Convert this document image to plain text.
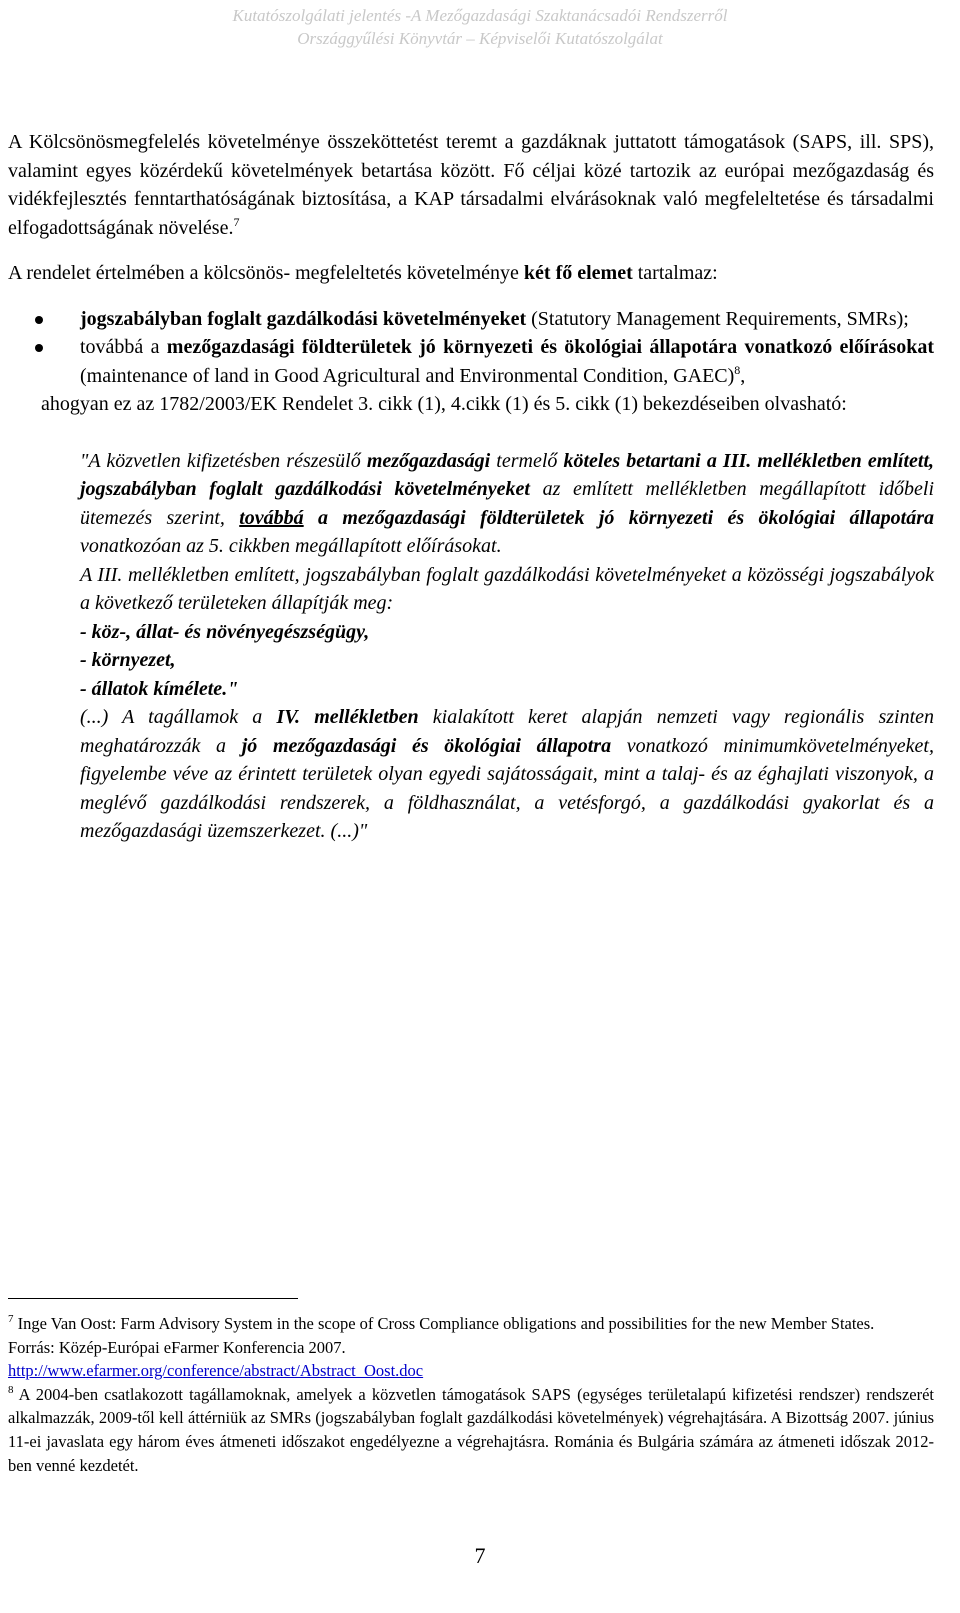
Kutatószolgálati jelentés -A Mezőgazdasági Szaktanácsadói Rendszerről
Országgyűlési Könyvtár – Képviselői Kutatószolgálat

A Kölcsönösmegfelelés követelménye összeköttetést teremt a gazdáknak juttatott támogatások (SAPS, ill. SPS), valamint egyes közérdekű követelmények betartása között. Fő céljai közé tartozik az európai mezőgazdaság és vidékfejlesztés fenntarthatóságának biztosítása, a KAP társadalmi elvárásoknak való megfeleltetése és társadalmi elfogadottságának növelése.$^7$

A rendelet értelmében a kölcsönös- megfeleltetés követelménye két fő elemet tartalmaz:

jogszabályban foglalt gazdálkodási követelményeket (Statutory Management Requirements, SMRs);
továbbá a mezőgazdasági földterületek jó környezeti és ökológiai állapotára vonatkozó előírásokat (maintenance of land in Good Agricultural and Environmental Condition, GAEC)$^8$,

ahogyan ez az 1782/2003/EK Rendelet 3. cikk (1), 4.cikk (1) és 5. cikk (1) bekezdéseiben olvasható:

"A közvetlen kifizetésben részesülő mezőgazdasági termelő köteles betartani a III. mellékletben említett, jogszabályban foglalt gazdálkodási követelményeket az említett mellékletben megállapított időbeli ütemezés szerint, továbbá a mezőgazdasági földterületek jó környezeti és ökológiai állapotára vonatkozóan az 5. cikkben megállapított előírásokat.

A III. mellékletben említett, jogszabályban foglalt gazdálkodási követelményeket a közösségi jogszabályok a következő területeken állapítják meg:

- köz-, állat- és növényegészségügy,

- környezet,

- állatok kímélete."

(...) A tagállamok a IV. mellékletben kialakított keret alapján nemzeti vagy regionális szinten meghatározzák a jó mezőgazdasági és ökológiai állapotra vonatkozó minimumkövetelményeket, figyelembe véve az érintett területek olyan egyedi sajátosságait, mint a talaj- és az éghajlati viszonyok, a meglévő gazdálkodási rendszerek, a földhasználat, a vetésforgó, a gazdálkodási gyakorlat és a mezőgazdasági üzemszerkezet. (...)"

$^7$ Inge Van Oost: Farm Advisory System in the scope of Cross Compliance obligations and possibilities for the new Member States.

Forrás: Közép-Európai eFarmer Konferencia 2007.

http://www.efarmer.org/conference/abstract/Abstract_Oost.doc

$^8$ A 2004-ben csatlakozott tagállamoknak, amelyek a közvetlen támogatások SAPS (egységes területalapú kifizetési rendszer) rendszerét alkalmazzák, 2009-től kell áttérniük az SMRs (jogszabályban foglalt gazdálkodási követelmények) végrehajtására. A Bizottság 2007. június 11-ei javaslata egy három éves átmeneti időszakot engedélyezne a végrehajtásra. Románia és Bulgária számára az átmeneti időszak 2012-ben venné kezdetét.

7
